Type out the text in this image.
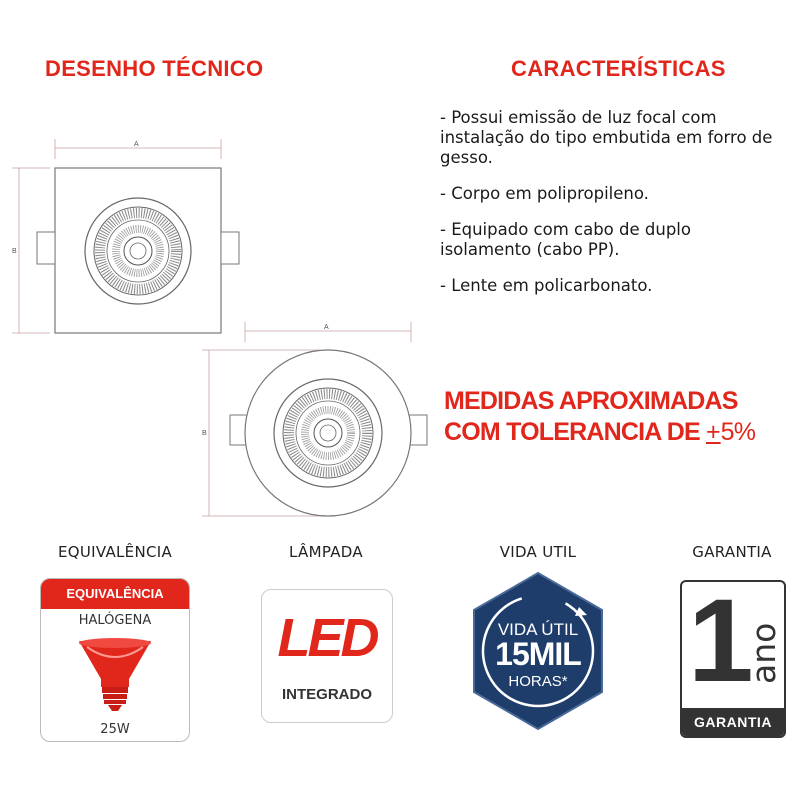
DESENHO TÉCNICO	CARACTERÍSTICAS

- Possui emissão de luz focal com instalação do tipo embutida em forro de gesso.

- Corpo em polipropileno.

- Equipado com cabo de duplo isolamento (cabo PP).

- Lente em policarbonato.

MEDIDAS APROXIMADAS
COM TOLERANCIA DE +5%
A
B
A
B
EQUIVALÊNCIA	LÂMPADA	VIDA UTIL	GARANTIA
EQUIVALÊNCIA
HALÓGENA
25W
LED
INTEGRADO
VIDA ÚTIL
15MIL
HORAS* 1
ano
GARANTIA
